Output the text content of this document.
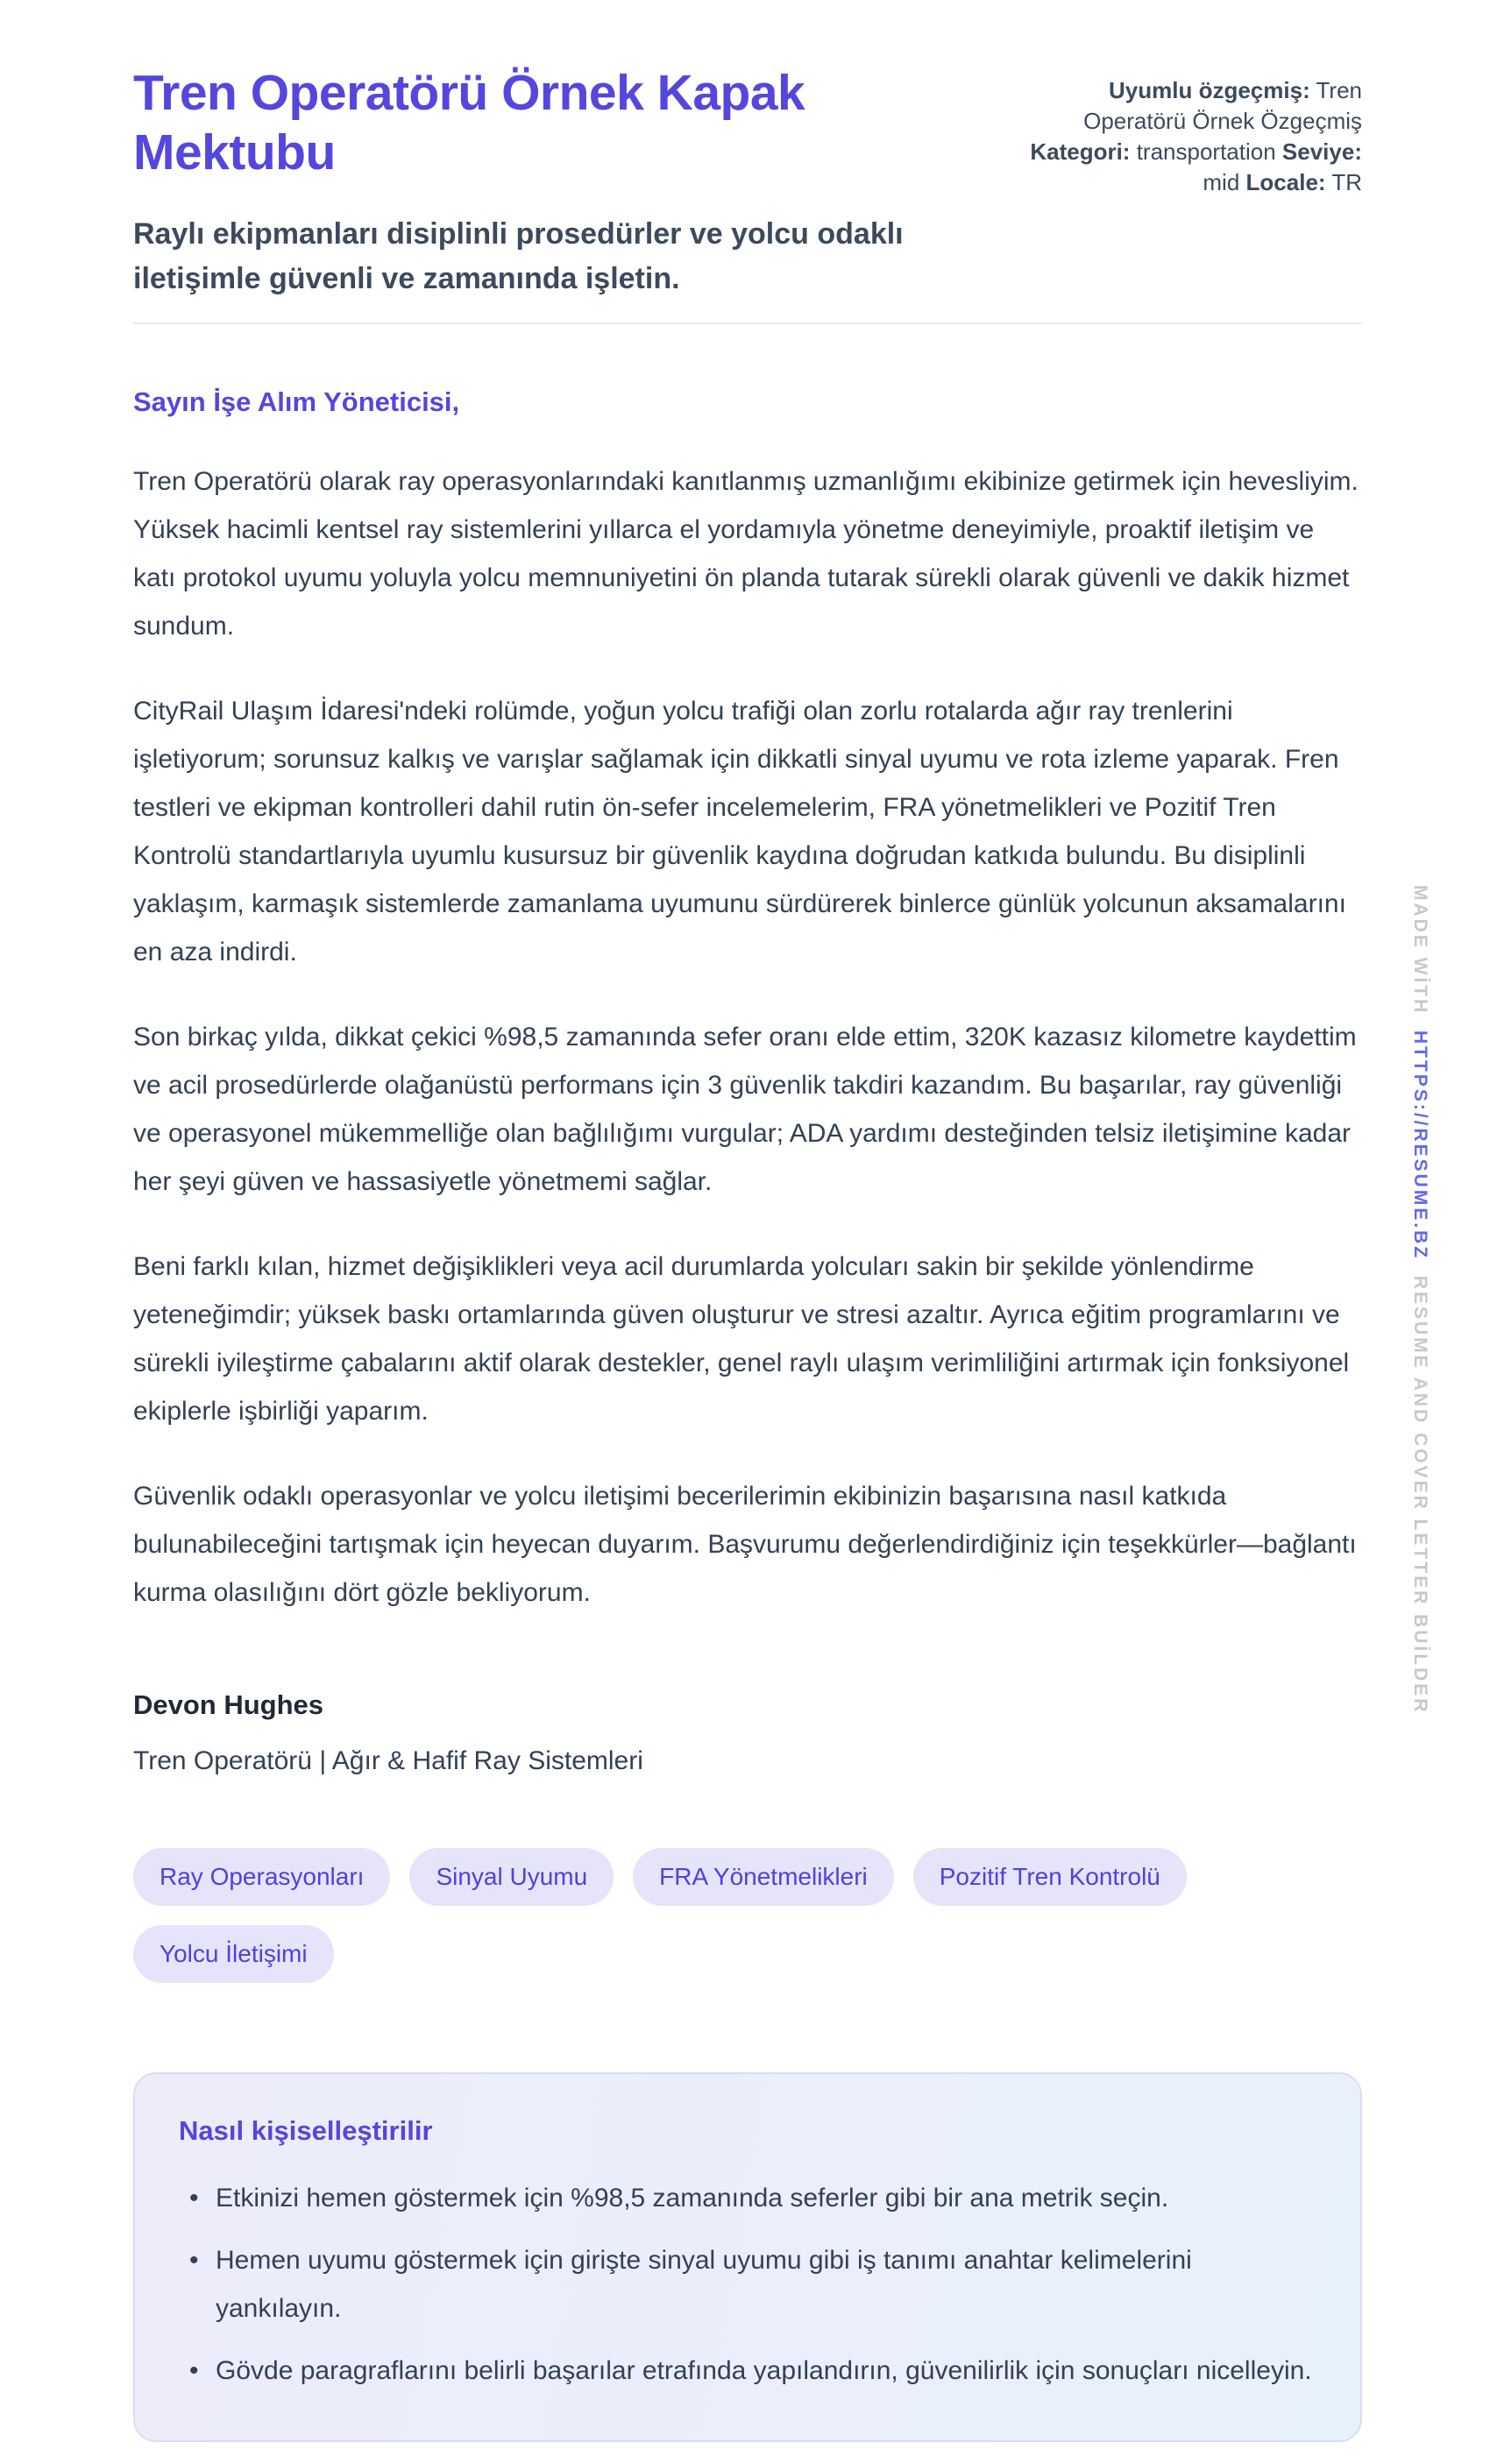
Tren Operatörü Örnek Kapak Mektubu
Raylı ekipmanları disiplinli prosedürler ve yolcu odaklı iletişimle güvenli ve zamanında işletin.
Uyumlu özgeçmiş: Tren Operatörü Örnek Özgeçmiş Kategori: transportation Seviye: mid Locale: TR
Sayın İşe Alım Yöneticisi,

Tren Operatörü olarak ray operasyonlarındaki kanıtlanmış uzmanlığımı ekibinize getirmek için hevesliyim. Yüksek hacimli kentsel ray sistemlerini yıllarca el yordamıyla yönetme deneyimiyle, proaktif iletişim ve katı protokol uyumu yoluyla yolcu memnuniyetini ön planda tutarak sürekli olarak güvenli ve dakik hizmet sundum.

CityRail Ulaşım İdaresi'ndeki rolümde, yoğun yolcu trafiği olan zorlu rotalarda ağır ray trenlerini işletiyorum; sorunsuz kalkış ve varışlar sağlamak için dikkatli sinyal uyumu ve rota izleme yaparak. Fren testleri ve ekipman kontrolleri dahil rutin ön-sefer incelemelerim, FRA yönetmelikleri ve Pozitif Tren Kontrolü standartlarıyla uyumlu kusursuz bir güvenlik kaydına doğrudan katkıda bulundu. Bu disiplinli yaklaşım, karmaşık sistemlerde zamanlama uyumunu sürdürerek binlerce günlük yolcunun aksamalarını en aza indirdi.

Son birkaç yılda, dikkat çekici %98,5 zamanında sefer oranı elde ettim, 320K kazasız kilometre kaydettim ve acil prosedürlerde olağanüstü performans için 3 güvenlik takdiri kazandım. Bu başarılar, ray güvenliği ve operasyonel mükemmelliğe olan bağlılığımı vurgular; ADA yardımı desteğinden telsiz iletişimine kadar her şeyi güven ve hassasiyetle yönetmemi sağlar.

Beni farklı kılan, hizmet değişiklikleri veya acil durumlarda yolcuları sakin bir şekilde yönlendirme yeteneğimdir; yüksek baskı ortamlarında güven oluşturur ve stresi azaltır. Ayrıca eğitim programlarını ve sürekli iyileştirme çabalarını aktif olarak destekler, genel raylı ulaşım verimliliğini artırmak için fonksiyonel ekiplerle işbirliği yaparım.

Güvenlik odaklı operasyonlar ve yolcu iletişimi becerilerimin ekibinizin başarısına nasıl katkıda bulunabileceğini tartışmak için heyecan duyarım. Başvurumu değerlendirdiğiniz için teşekkürler—bağlantı kurma olasılığını dört gözle bekliyorum.

Devon Hughes
Tren Operatörü | Ağır & Hafif Ray Sistemleri
Ray Operasyonları	Sinyal Uyumu	FRA Yönetmelikleri	Pozitif Tren Kontrolü
Yolcu İletişimi
Nasıl kişiselleştirilir
• Etkinizi hemen göstermek için %98,5 zamanında seferler gibi bir ana metrik seçin.
• Hemen uyumu göstermek için girişte sinyal uyumu gibi iş tanımı anahtar kelimelerini yankılayın.
• Gövde paragraflarını belirli başarılar etrafında yapılandırın, güvenilirlik için sonuçları nicelleyin.
MADE WİTH  HTTPS://RESUME.BZ  RESUME AND COVER LETTER BUİLDER
